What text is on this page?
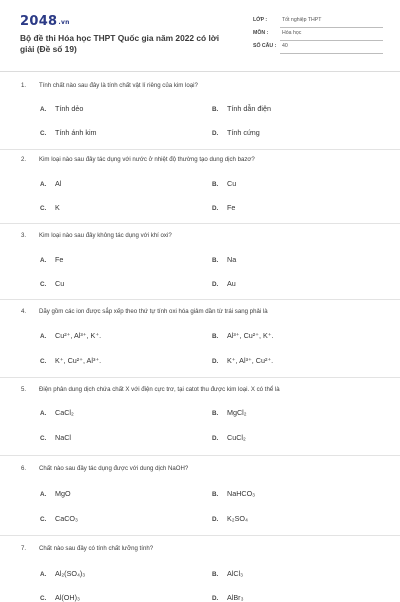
2048.vn
Bộ đề thi Hóa học THPT Quốc gia năm 2022 có lời giải (Đề số 19)
LỚP :	Tốt nghiệp THPT
MÔN :	Hóa học
SỐ CÂU : 40
1. Tính chất nào sau đây là tính chất vật lí riêng của kim loại?
A. Tính dẻo	B. Tính dẫn điện
C. Tính ánh kim	D. Tính cứng
2. Kim loại nào sau đây tác dụng với nước ở nhiệt độ thường tạo dung dịch bazơ?
A. Al	B. Cu
C. K	D. Fe
3. Kim loại nào sau đây không tác dụng với khí oxi?
A. Fe	B. Na
C. Cu	D. Au
4. Dãy gồm các ion được sắp xếp theo thứ tự tính oxi hóa giảm dần từ trái sang phải là
A. Cu²⁺, Al³⁺, K⁺.	B. Al³⁺, Cu²⁺, K⁺.
C. K⁺, Cu²⁺, Al³⁺.	D. K⁺, Al³⁺, Cu²⁺.
5. Điện phân dung dịch chứa chất X với điện cực trơ, tại catot thu được kim loại. X có thể là
A. CaCl₂	B. MgCl₂
C. NaCl	D. CuCl₂
6. Chất nào sau đây tác dụng được với dung dịch NaOH?
A. MgO	B. NaHCO₃
C. CaCO₃	D. K₂SO₄
7. Chất nào sau đây có tính chất lưỡng tính?
A. Al₂(SO₄)₃	B. AlCl₃
C. Al(OH)₃	D. AlBr₃
